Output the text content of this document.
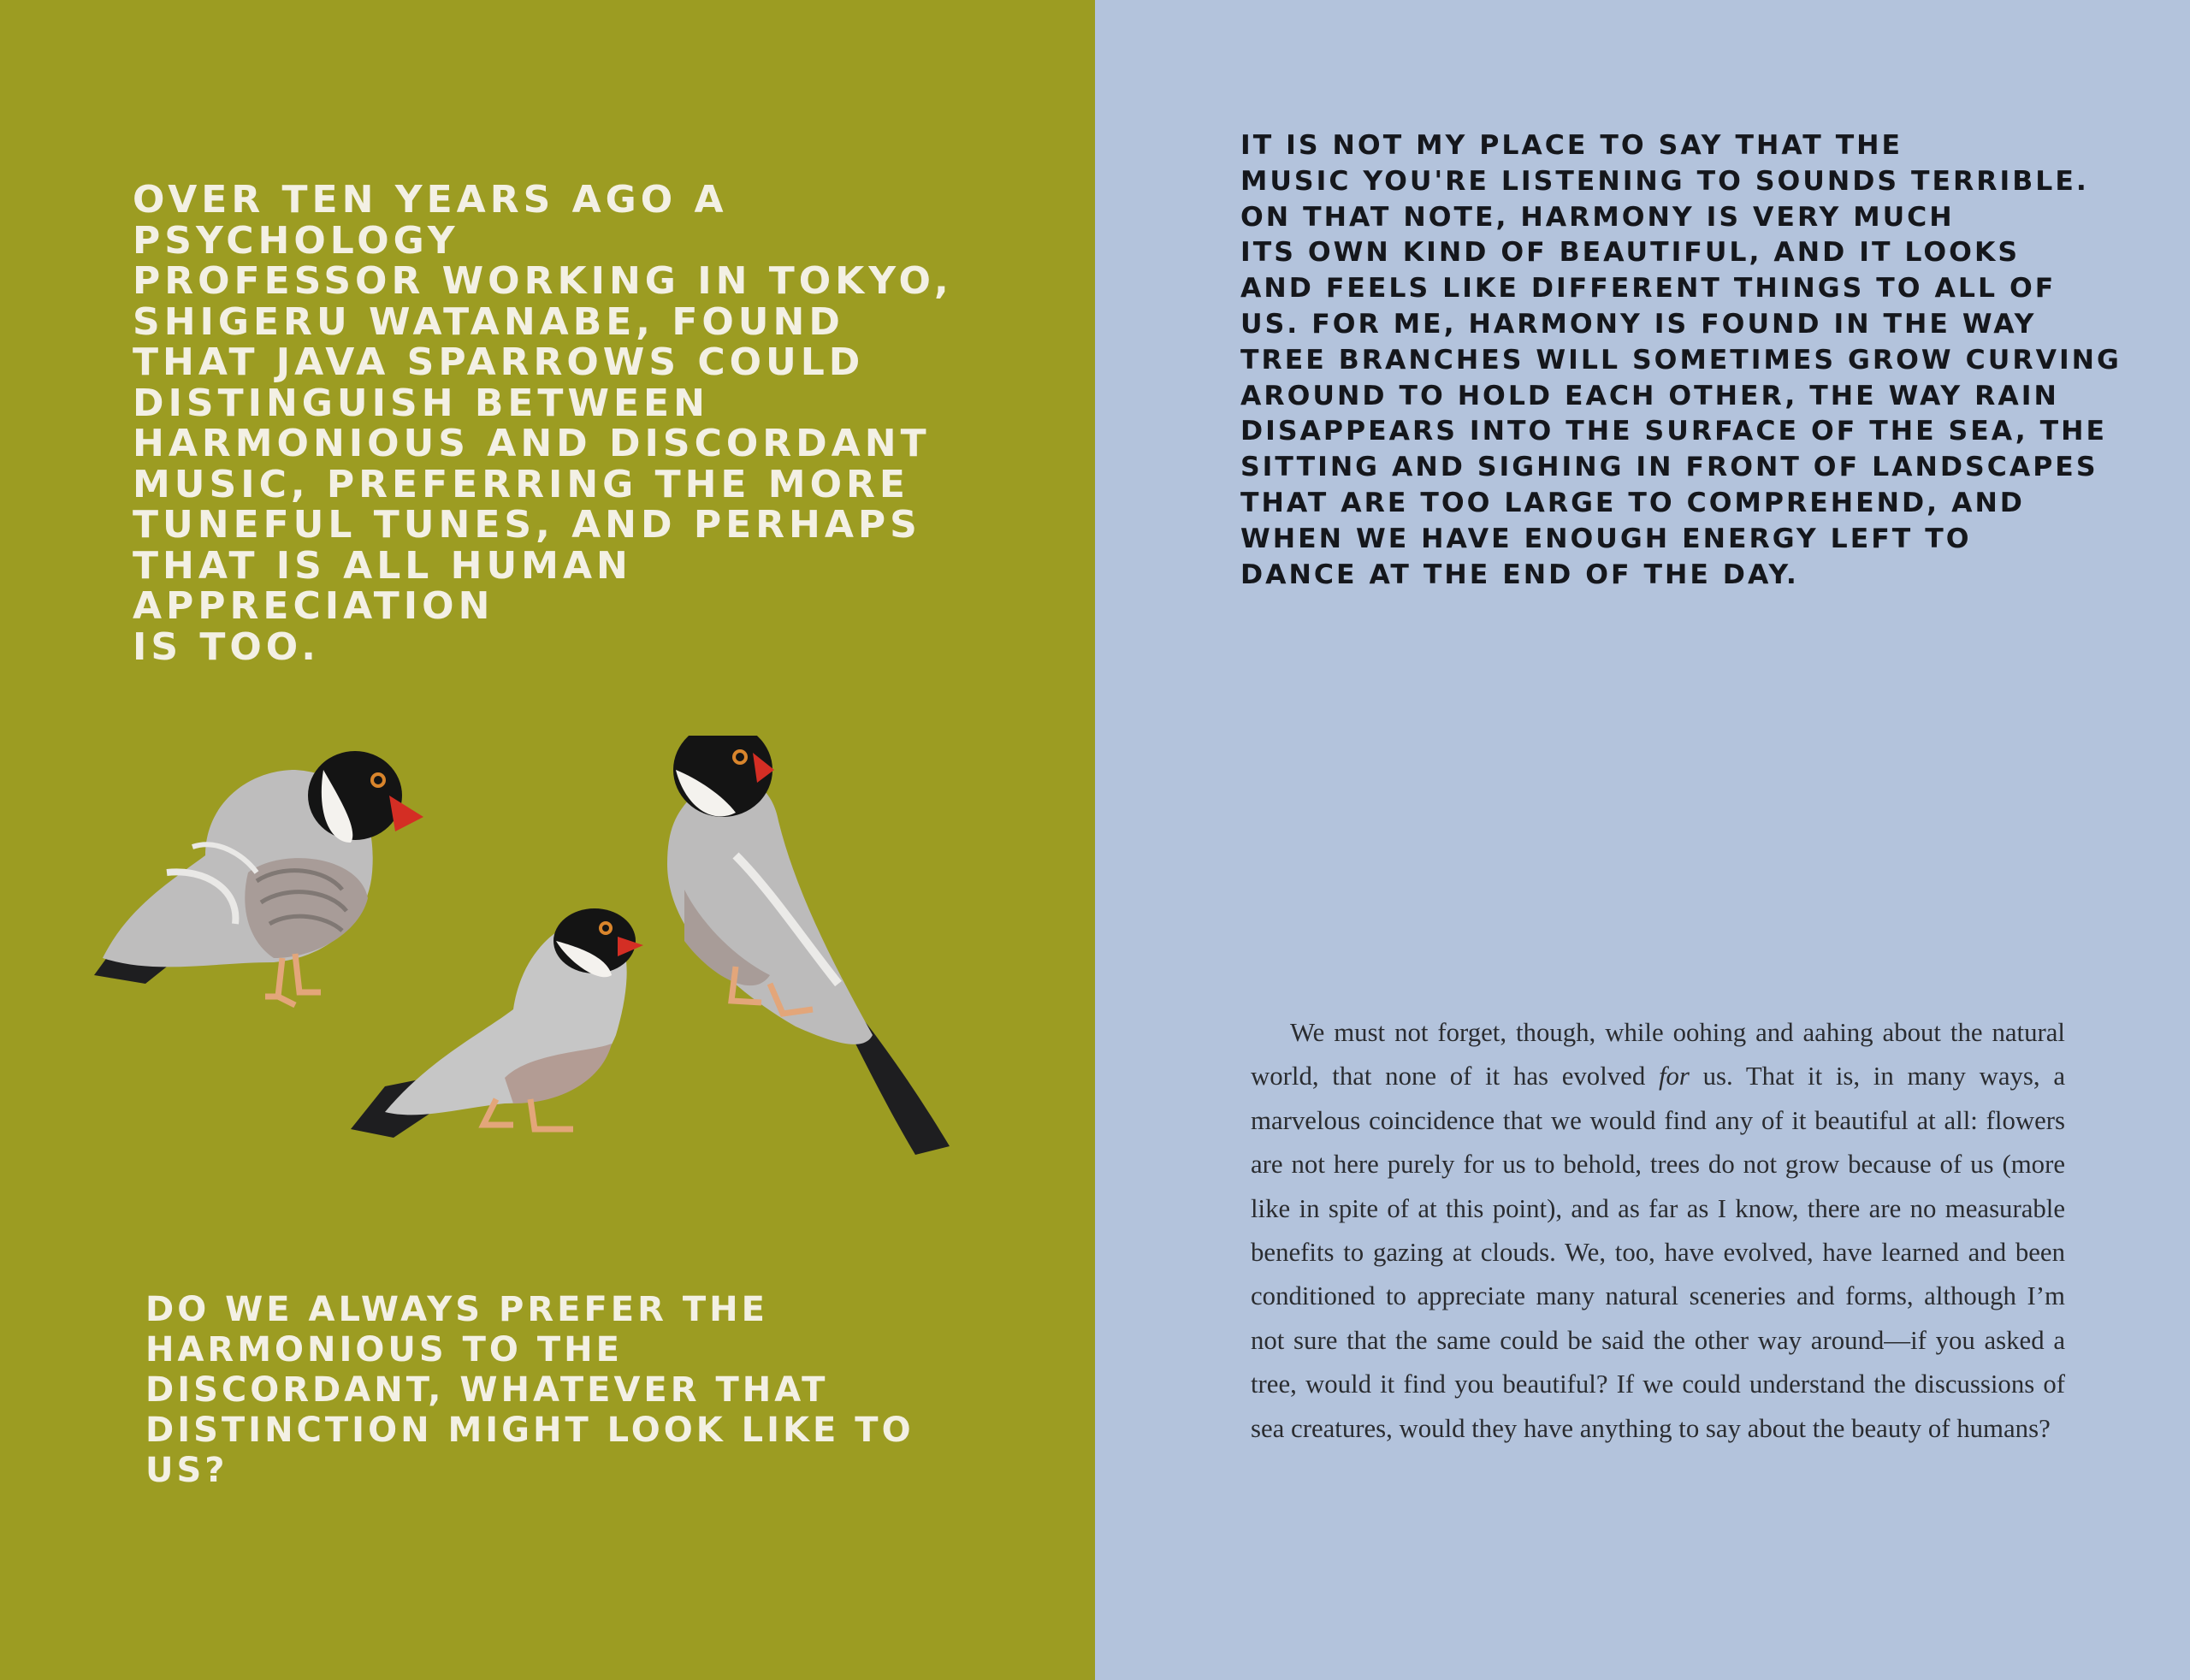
OVER TEN YEARS AGO A PSYCHOLOGY
PROFESSOR WORKING IN TOKYO,
SHIGERU WATANABE, FOUND
THAT JAVA SPARROWS COULD
DISTINGUISH BETWEEN
HARMONIOUS AND DISCORDANT
MUSIC, PREFERRING THE MORE
TUNEFUL TUNES, AND PERHAPS
THAT IS ALL HUMAN APPRECIATION
IS TOO.

DO WE ALWAYS PREFER THE
HARMONIOUS TO THE
DISCORDANT, WHATEVER THAT
DISTINCTION MIGHT LOOK LIKE TO US?

IT IS NOT MY PLACE TO SAY THAT THE
MUSIC YOU'RE LISTENING TO SOUNDS TERRIBLE.
ON THAT NOTE, HARMONY IS VERY MUCH
ITS OWN KIND OF BEAUTIFUL, AND IT LOOKS
AND FEELS LIKE DIFFERENT THINGS TO ALL OF
US. FOR ME, HARMONY IS FOUND IN THE WAY
TREE BRANCHES WILL SOMETIMES GROW CURVING
AROUND TO HOLD EACH OTHER, THE WAY RAIN
DISAPPEARS INTO THE SURFACE OF THE SEA, THE
SITTING AND SIGHING IN FRONT OF LANDSCAPES
THAT ARE TOO LARGE TO COMPREHEND, AND
WHEN WE HAVE ENOUGH ENERGY LEFT TO
DANCE AT THE END OF THE DAY.

We must not forget, though, while oohing and aahing about the natural world, that none of it has evolved for us. That it is, in many ways, a marvelous coincidence that we would find any of it beautiful at all: flowers are not here purely for us to behold, trees do not grow because of us (more like in spite of at this point), and as far as I know, there are no measurable benefits to gazing at clouds. We, too, have evolved, have learned and been conditioned to appreciate many natural sceneries and forms, although I’m not sure that the same could be said the other way around—if you asked a tree, would it find you beautiful? If we could understand the discussions of sea creatures, would they have anything to say about the beauty of humans?
